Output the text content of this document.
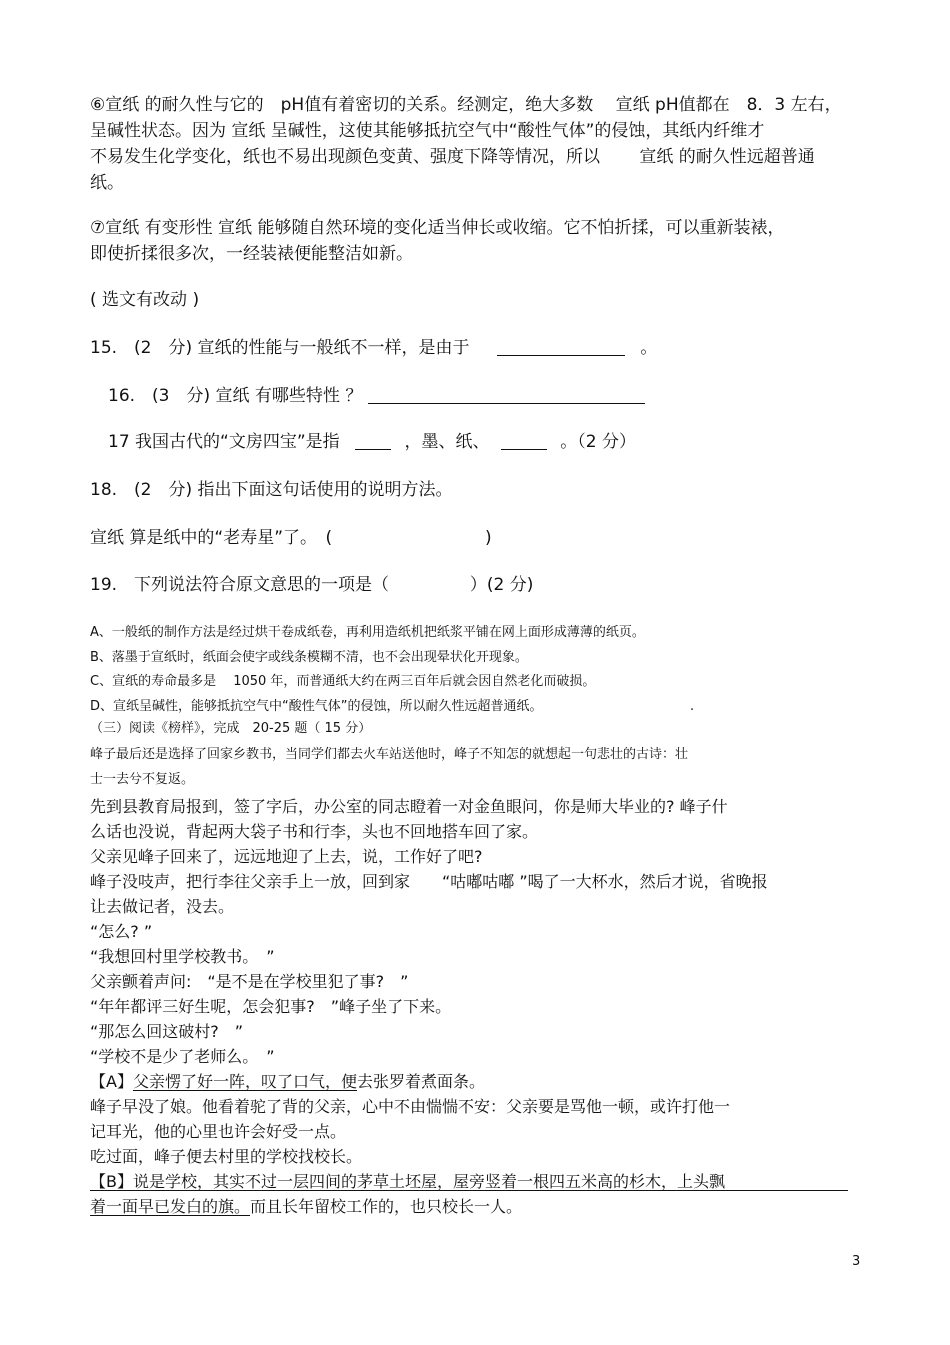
⑥宣纸 的耐久性与它的　pH值有着密切的关系。经测定，绝大多数　 宣纸 pH值都在　8．3 左右，
呈碱性状态。因为 宣纸 呈碱性，这使其能够抵抗空气中“酸性气体”的侵蚀，其纸内纤维才
不易发生化学变化，纸也不易出现颜色变黄、强度下降等情况，所以　　 宣纸 的耐久性远超普通
纸。
⑦宣纸 有变形性 宣纸 能够随自然环境的变化适当伸长或收缩。它不怕折揉，可以重新装裱，
即使折揉很多次，一经装裱便能整洁如新。
( 选文有改动 )
15.　(2　分) 宣纸的性能与一般纸不一样，是由于	。
16.　(3　分) 宣纸 有哪些特性 ？
17 我国古代的“文房四宝”是指	，墨、纸、	。（2 分）
18.　(2　分) 指出下面这句话使用的说明方法。
宣纸 算是纸中的“老寿星”了。　(	)
19.　下列说法符合原文意思的一项是（	）(2 分)
A、一般纸的制作方法是经过烘干卷成纸卷，再利用造纸机把纸浆平铺在网上面形成薄薄的纸页。
B、落墨于宣纸时，纸面会使字或线条模糊不清，也不会出现晕状化开现象。
C、宣纸的寿命最多是　 1050 年，而普通纸大约在两三百年后就会因自然老化而破损。
D、宣纸呈碱性，能够抵抗空气中“酸性气体”的侵蚀，所以耐久性远超普通纸。	.
（三）阅读《榜样》，完成　20-25 题（ 15 分）
峰子最后还是选择了回家乡教书，当同学们都去火车站送他时，峰子不知怎的就想起一句悲壮的古诗：壮
士一去兮不复返。
先到县教育局报到，签了字后，办公室的同志瞪着一对金鱼眼问，你是师大毕业的? 峰子什
么话也没说，背起两大袋子书和行李，头也不回地搭车回了家。
父亲见峰子回来了，远远地迎了上去，说，工作好了吧?
峰子没吱声，把行李往父亲手上一放，回到家　　“咕嘟咕嘟 ”喝了一大杯水，然后才说，省晚报
让去做记者，没去。
“怎么? ”
“我想回村里学校教书。　”
父亲颤着声问:　“是不是在学校里犯了事?　”
“年年都评三好生呢，怎会犯事?　”峰子坐了下来。
“那怎么回这破村?　”
“学校不是少了老师么。　”
【A】父亲愣了好一阵，叹了口气，便去张罗着煮面条。
峰子早没了娘。他看着驼了背的父亲，心中不由惴惴不安：父亲要是骂他一顿，或许打他一
记耳光，他的心里也许会好受一点。
吃过面，峰子便去村里的学校找校长。
【B】说是学校，其实不过一层四间的茅草土坯屋，屋旁竖着一根四五米高的杉木，上头飘
着一面早已发白的旗。而且长年留校工作的，也只校长一人。
3
